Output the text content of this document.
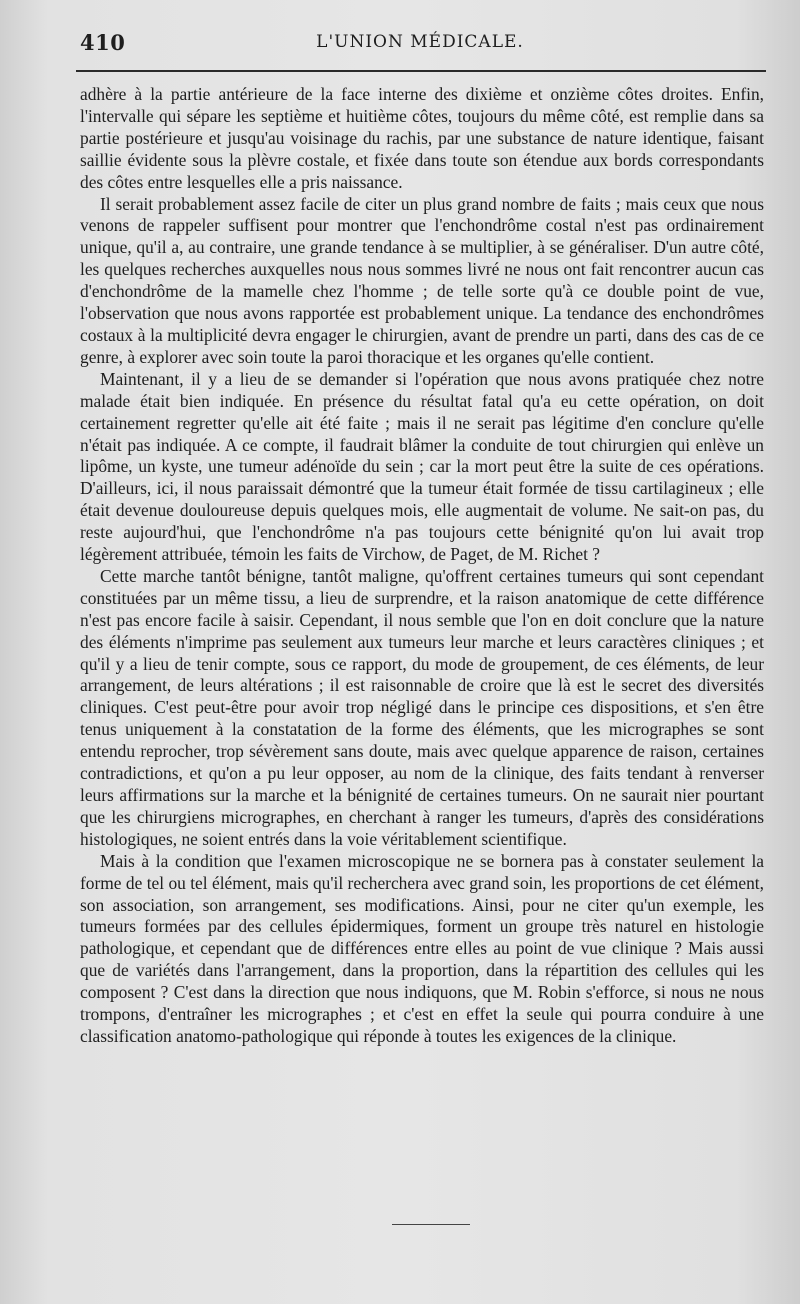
410	L'UNION MÉDICALE.

adhère à la partie antérieure de la face interne des dixième et onzième côtes droites. Enfin, l'intervalle qui sépare les septième et huitième côtes, toujours du même côté, est remplie dans sa partie postérieure et jusqu'au voisinage du rachis, par une substance de nature identique, faisant saillie évidente sous la plèvre costale, et fixée dans toute son étendue aux bords correspondants des côtes entre lesquelles elle a pris naissance.

Il serait probablement assez facile de citer un plus grand nombre de faits ; mais ceux que nous venons de rappeler suffisent pour montrer que l'enchondrôme costal n'est pas ordinairement unique, qu'il a, au contraire, une grande tendance à se multiplier, à se généraliser. D'un autre côté, les quelques recherches auxquelles nous nous sommes livré ne nous ont fait rencontrer aucun cas d'enchondrôme de la mamelle chez l'homme ; de telle sorte qu'à ce double point de vue, l'observation que nous avons rapportée est probablement unique. La tendance des enchondrômes costaux à la multiplicité devra engager le chirurgien, avant de prendre un parti, dans des cas de ce genre, à explorer avec soin toute la paroi thoracique et les organes qu'elle contient.

Maintenant, il y a lieu de se demander si l'opération que nous avons pratiquée chez notre malade était bien indiquée. En présence du résultat fatal qu'a eu cette opération, on doit certainement regretter qu'elle ait été faite ; mais il ne serait pas légitime d'en conclure qu'elle n'était pas indiquée. A ce compte, il faudrait blâmer la conduite de tout chirurgien qui enlève un lipôme, un kyste, une tumeur adénoïde du sein ; car la mort peut être la suite de ces opérations. D'ailleurs, ici, il nous paraissait démontré que la tumeur était formée de tissu cartilagineux ; elle était devenue douloureuse depuis quelques mois, elle augmentait de volume. Ne sait-on pas, du reste aujourd'hui, que l'enchondrôme n'a pas toujours cette bénignité qu'on lui avait trop légèrement attribuée, témoin les faits de Virchow, de Paget, de M. Richet ?

Cette marche tantôt bénigne, tantôt maligne, qu'offrent certaines tumeurs qui sont cependant constituées par un même tissu, a lieu de surprendre, et la raison anatomique de cette différence n'est pas encore facile à saisir. Cependant, il nous semble que l'on en doit conclure que la nature des éléments n'imprime pas seulement aux tumeurs leur marche et leurs caractères cliniques ; et qu'il y a lieu de tenir compte, sous ce rapport, du mode de groupement, de ces éléments, de leur arrangement, de leurs altérations ; il est raisonnable de croire que là est le secret des diversités cliniques. C'est peut-être pour avoir trop négligé dans le principe ces dispositions, et s'en être tenus uniquement à la constatation de la forme des éléments, que les micrographes se sont entendu reprocher, trop sévèrement sans doute, mais avec quelque apparence de raison, certaines contradictions, et qu'on a pu leur opposer, au nom de la clinique, des faits tendant à renverser leurs affirmations sur la marche et la bénignité de certaines tumeurs. On ne saurait nier pourtant que les chirurgiens micrographes, en cherchant à ranger les tumeurs, d'après des considérations histologiques, ne soient entrés dans la voie véritablement scientifique.

Mais à la condition que l'examen microscopique ne se bornera pas à constater seulement la forme de tel ou tel élément, mais qu'il recherchera avec grand soin, les proportions de cet élément, son association, son arrangement, ses modifications. Ainsi, pour ne citer qu'un exemple, les tumeurs formées par des cellules épidermiques, forment un groupe très naturel en histologie pathologique, et cependant que de différences entre elles au point de vue clinique ? Mais aussi que de variétés dans l'arrangement, dans la proportion, dans la répartition des cellules qui les composent ? C'est dans la direction que nous indiquons, que M. Robin s'efforce, si nous ne nous trompons, d'entraîner les micrographes ; et c'est en effet la seule qui pourra conduire à une classification anatomo-pathologique qui réponde à toutes les exigences de la clinique.
